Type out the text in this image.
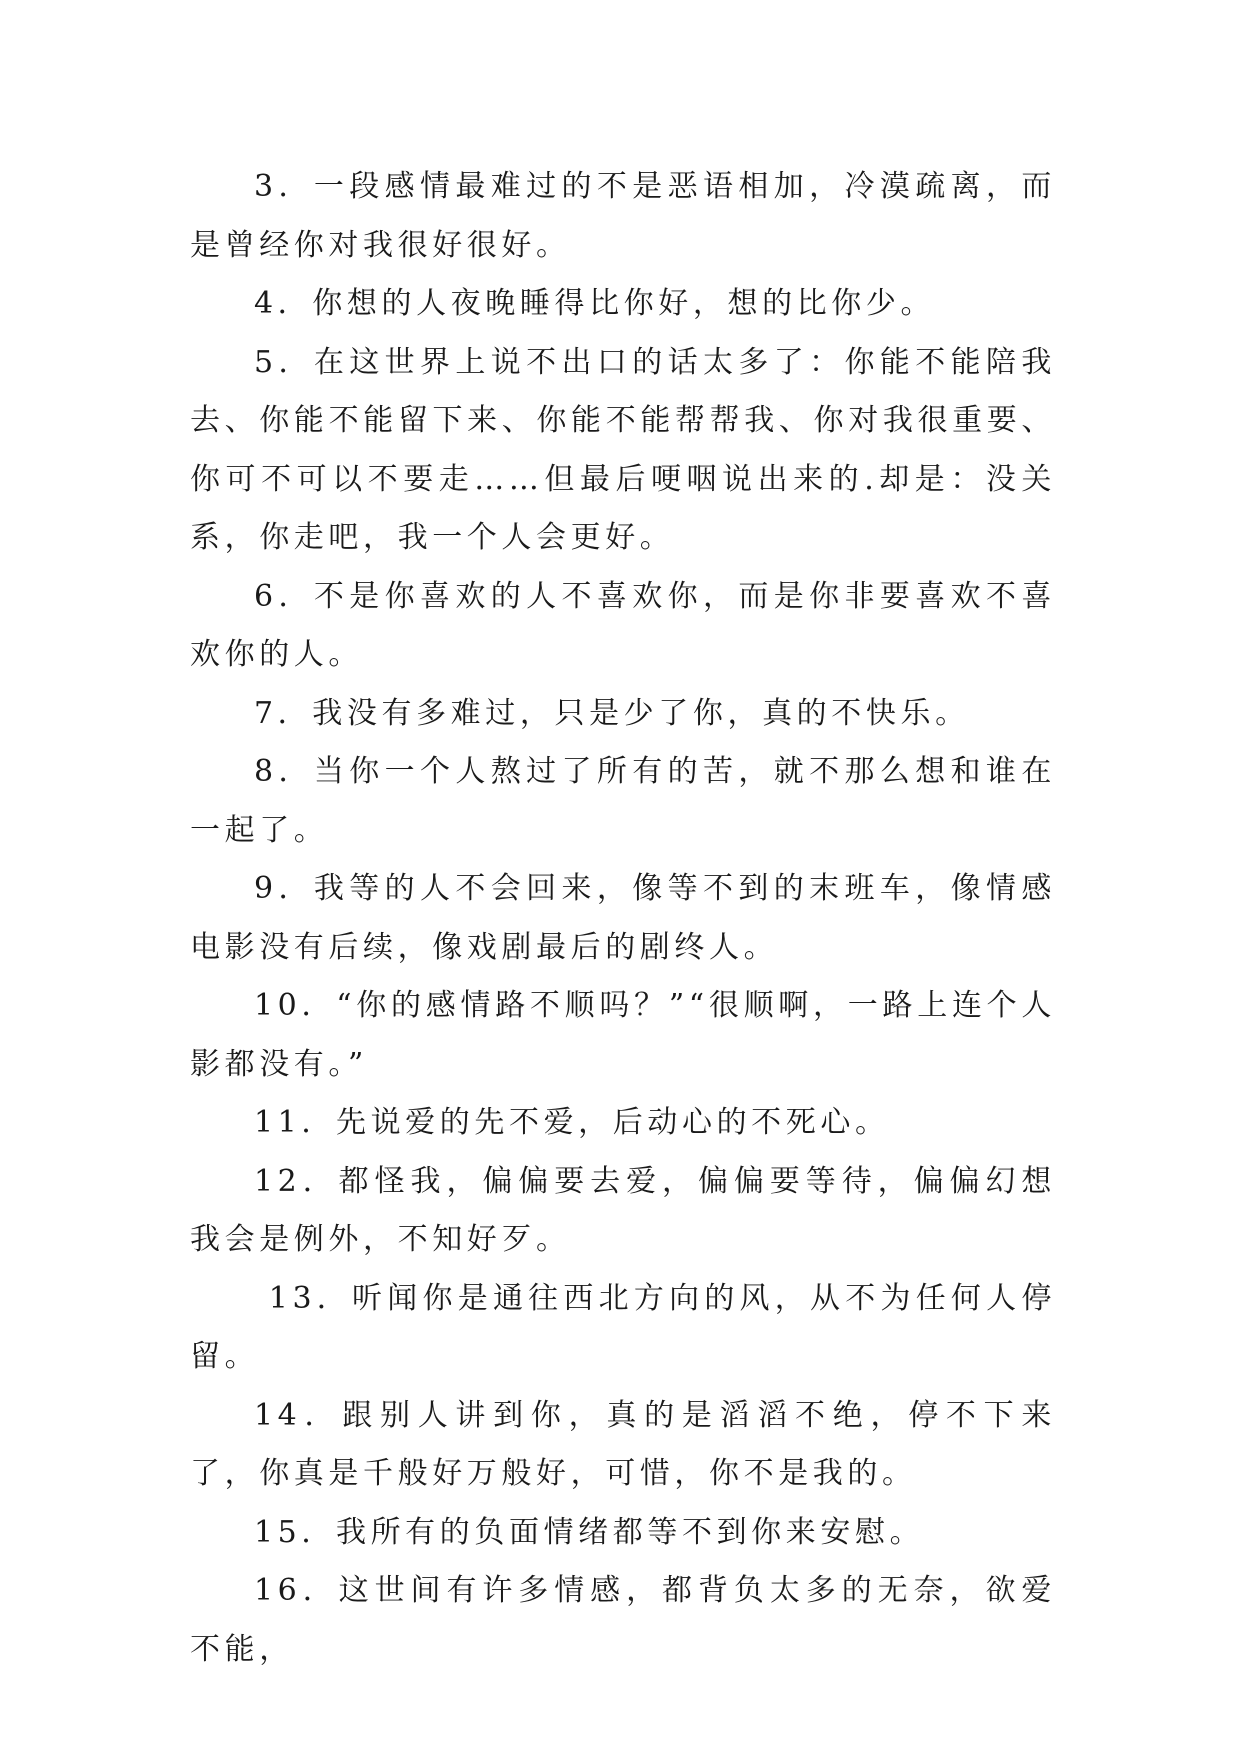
3．一段感情最难过的不是恶语相加，冷漠疏离，而是曾经你对我很好很好。

4．你想的人夜晚睡得比你好，想的比你少。

5．在这世界上说不出口的话太多了：你能不能陪我去、你能不能留下来、你能不能帮帮我、你对我很重要、你可不可以不要走……但最后哽咽说出来的.却是：没关系，你走吧，我一个人会更好。

6．不是你喜欢的人不喜欢你，而是你非要喜欢不喜欢你的人。

7．我没有多难过，只是少了你，真的不快乐。

8．当你一个人熬过了所有的苦，就不那么想和谁在一起了。

9．我等的人不会回来，像等不到的末班车，像情感电影没有后续，像戏剧最后的剧终人。

10．“你的感情路不顺吗？”“很顺啊，一路上连个人影都没有。”

11．先说爱的先不爱，后动心的不死心。

12．都怪我，偏偏要去爱，偏偏要等待，偏偏幻想我会是例外，不知好歹。

13．听闻你是通往西北方向的风，从不为任何人停留。

14．跟别人讲到你，真的是滔滔不绝，停不下来了，你真是千般好万般好，可惜，你不是我的。

15．我所有的负面情绪都等不到你来安慰。

16．这世间有许多情感，都背负太多的无奈，欲爱不能，
